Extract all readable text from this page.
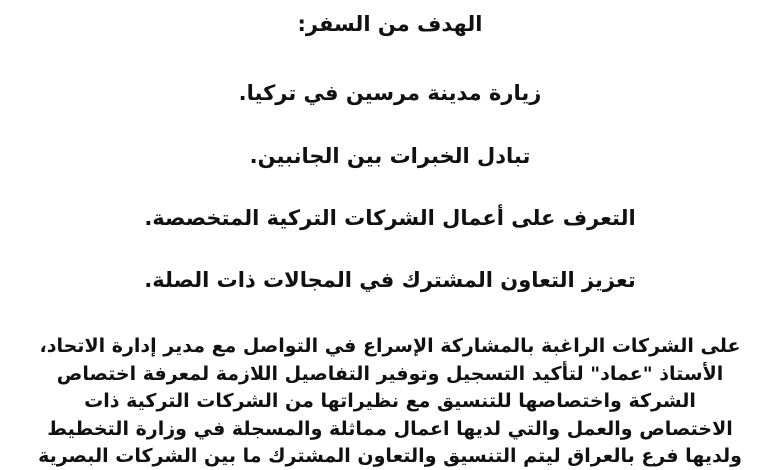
الهدف من السفر:
زيارة مدينة مرسين في تركيا.
تبادل الخبرات بين الجانبين.
التعرف على أعمال الشركات التركية المتخصصة.
تعزيز التعاون المشترك في المجالات ذات الصلة.
على الشركات الراغبة بالمشاركة الإسراع في التواصل مع مدير إدارة الاتحاد،
الأستاذ "عماد" لتأكيد التسجيل وتوفير التفاصيل اللازمة لمعرفة اختصاص
الشركة واختصاصها للتنسيق مع نظيراتها من الشركات التركية ذات
الاختصاص والعمل والتي لديها اعمال مماثلة والمسجلة في وزارة التخطيط
ولديها فرع بالعراق ليتم التنسيق والتعاون المشترك ما بين الشركات البصرية
